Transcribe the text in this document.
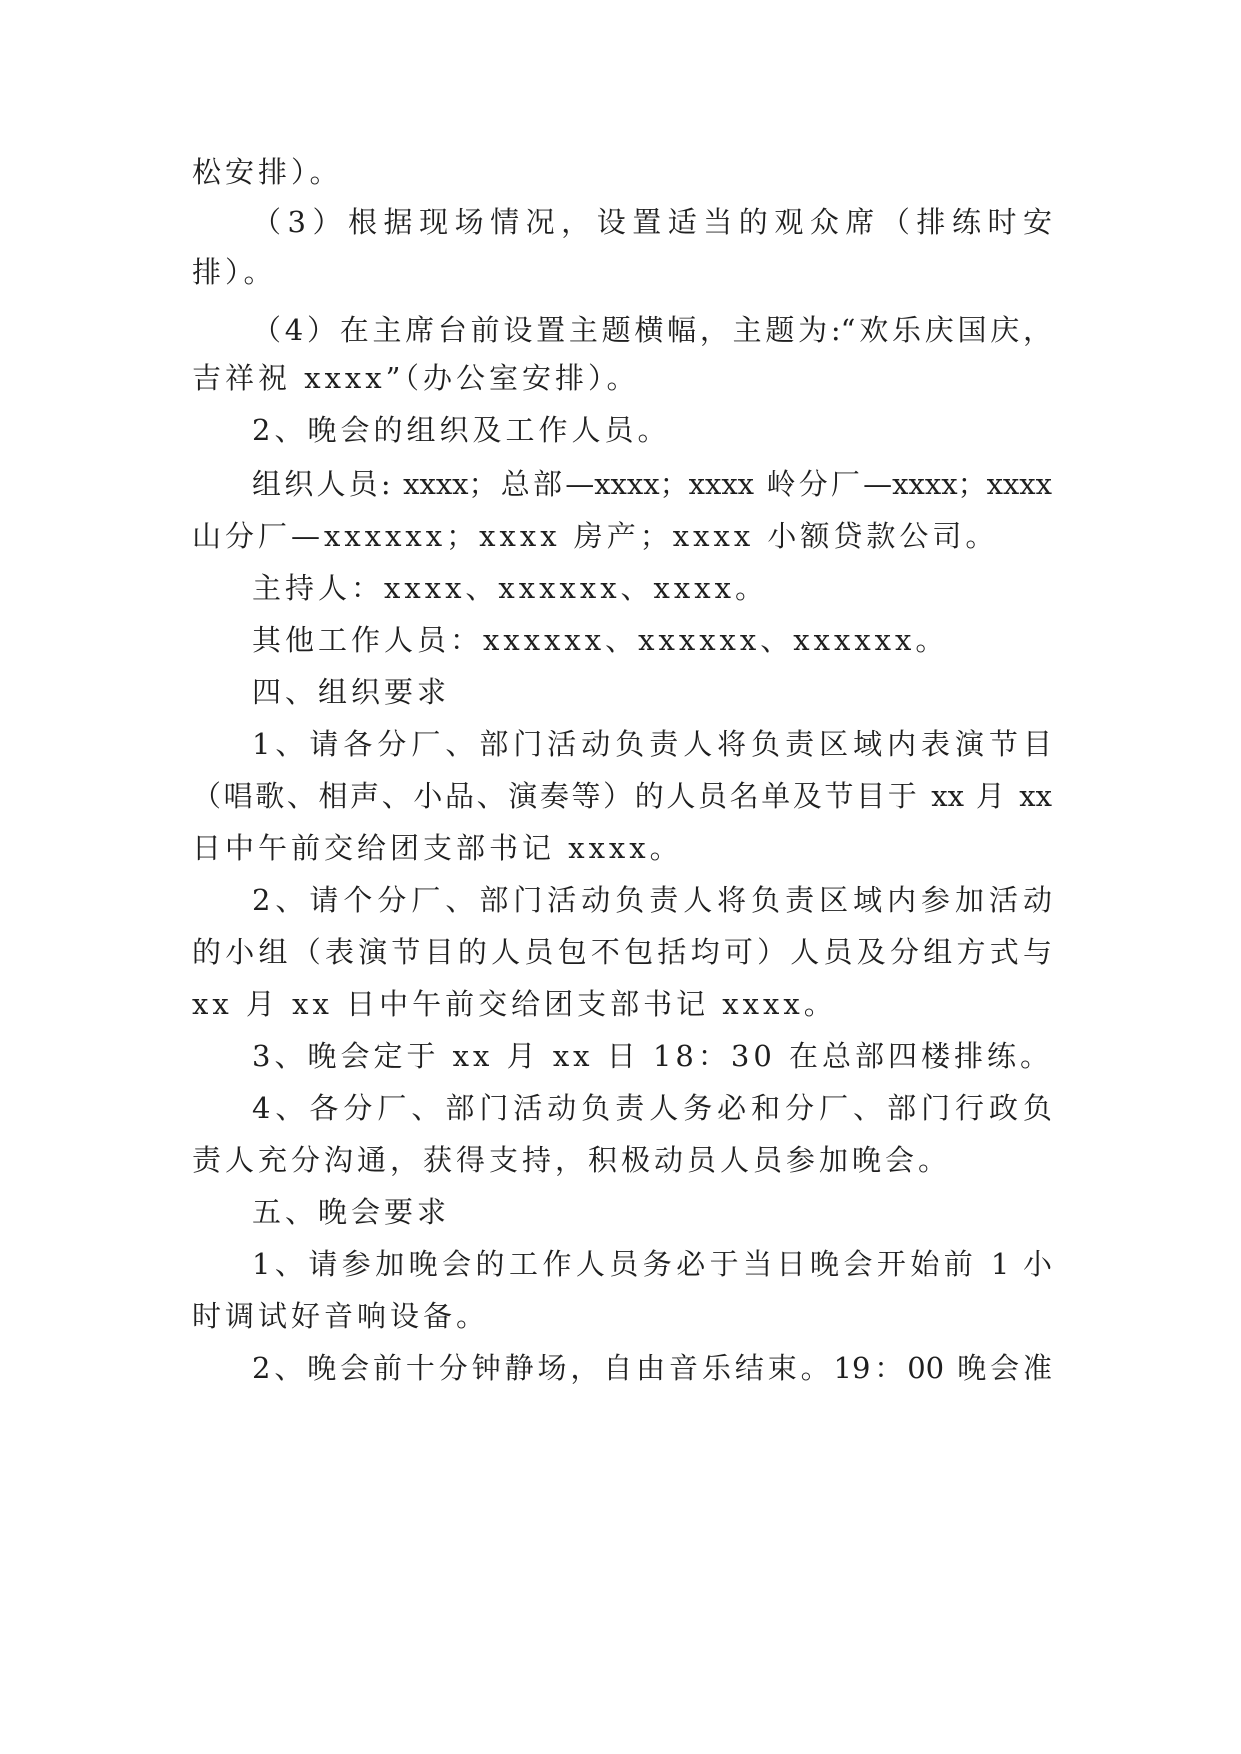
松安排）。
（3）根据现场情况，设置适当的观众席（排练时安
排）。
（4）在主席台前设置主题横幅，主题为:“欢乐庆国庆，
吉祥祝 xxxx”（办公室安排）。
2、晚会的组织及工作人员。
组织人员: xxxx；总部—xxxx；xxxx 岭分厂—xxxx；xxxx
山分厂—xxxxxx；xxxx 房产；xxxx 小额贷款公司。
主持人：xxxx、xxxxxx、xxxx。
其他工作人员：xxxxxx、xxxxxx、xxxxxx。
四、组织要求
1、请各分厂、部门活动负责人将负责区域内表演节目
（唱歌、相声、小品、演奏等）的人员名单及节目于 xx 月 xx
日中午前交给团支部书记 xxxx。
2、请个分厂、部门活动负责人将负责区域内参加活动
的小组（表演节目的人员包不包括均可）人员及分组方式与
xx 月 xx 日中午前交给团支部书记 xxxx。
3、晚会定于 xx 月 xx 日 18：30 在总部四楼排练。
4、各分厂、部门活动负责人务必和分厂、部门行政负
责人充分沟通，获得支持，积极动员人员参加晚会。
五、晚会要求
1、请参加晚会的工作人员务必于当日晚会开始前 1 小
时调试好音响设备。
2、晚会前十分钟静场，自由音乐结束。19：00 晚会准
